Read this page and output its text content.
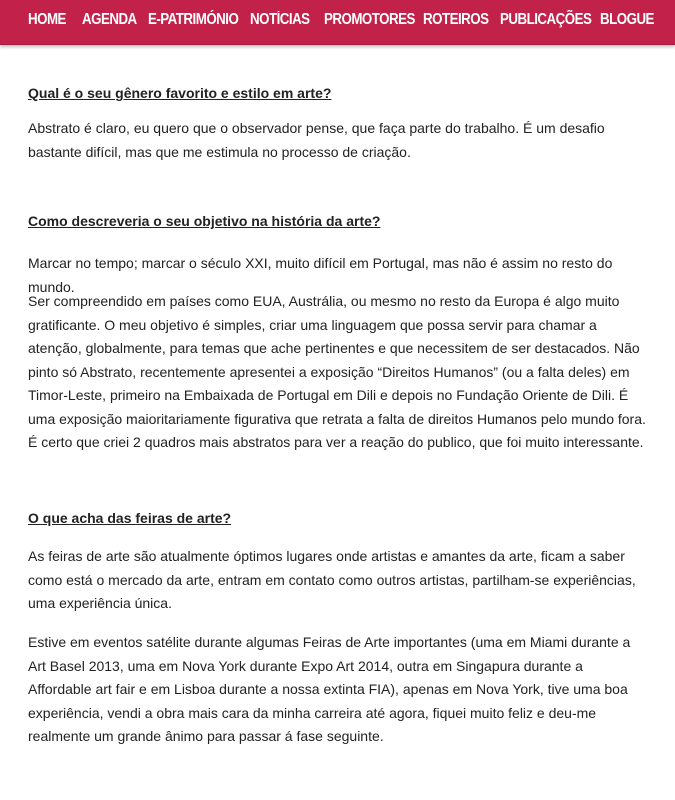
HOME AGENDA E-PATRIMÓNIO NOTÍCIAS PROMOTORES ROTEIROS PUBLICAÇÕES BLOGUE
Qual é o seu gênero favorito e estilo em arte?
Abstrato é claro, eu quero que o observador pense, que faça parte do trabalho. É um desafio bastante difícil, mas que me estimula no processo de criação.
Como descreveria o seu objetivo na história da arte?
Marcar no tempo; marcar o século XXI, muito difícil em Portugal, mas não é assim no resto do mundo.
Ser compreendido em países como EUA, Austrália, ou mesmo no resto da Europa é algo muito gratificante. O meu objetivo é simples, criar uma linguagem que possa servir para chamar a atenção, globalmente, para temas que ache pertinentes e que necessitem de ser destacados. Não pinto só Abstrato, recentemente apresentei a exposição “Direitos Humanos” (ou a falta deles) em Timor-Leste, primeiro na Embaixada de Portugal em Dili e depois no Fundação Oriente de Dili. É uma exposição maioritariamente figurativa que retrata a falta de direitos Humanos pelo mundo fora. É certo que criei 2 quadros mais abstratos para ver a reação do publico, que foi muito interessante.
O que acha das feiras de arte?
As feiras de arte são atualmente óptimos lugares onde artistas e amantes da arte, ficam a saber como está o mercado da arte, entram em contato como outros artistas, partilham-se experiências, uma experiência única.
Estive em eventos satélite durante algumas Feiras de Arte importantes (uma em Miami durante a Art Basel 2013, uma em Nova York durante Expo Art 2014, outra em Singapura durante a Affordable art fair e em Lisboa durante a nossa extinta FIA), apenas em Nova York, tive uma boa experiência, vendi a obra mais cara da minha carreira até agora, fiquei muito feliz e deu-me realmente um grande ânimo para passar á fase seguinte.
